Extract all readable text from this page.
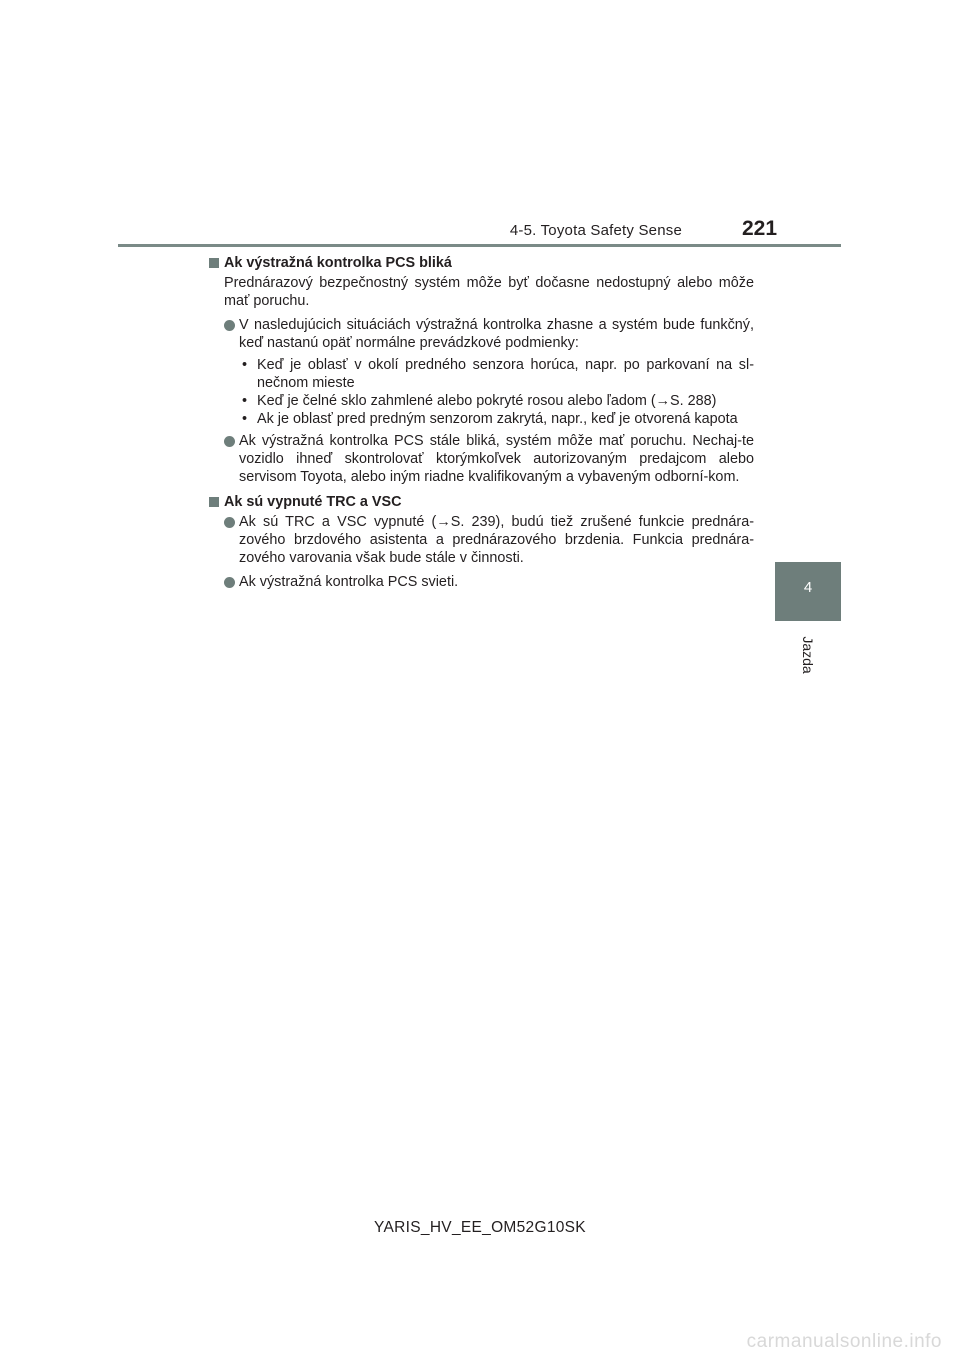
4-5. Toyota Safety Sense	221
4
Jazda
Ak výstražná kontrolka PCS bliká
Prednárazový bezpečnostný systém môže byť dočasne nedostupný alebo môže mať poruchu.
V nasledujúcich situáciách výstražná kontrolka zhasne a systém bude funkčný, keď nastanú opäť normálne prevádzkové podmienky:
• Keď je oblasť v okolí predného senzora horúca, napr. po parkovaní na sl-nečnom mieste
• Keď je čelné sklo zahmlené alebo pokryté rosou alebo ľadom (→S. 288)
• Ak je oblasť pred predným senzorom zakrytá, napr., keď je otvorená kapota
Ak výstražná kontrolka PCS stále bliká, systém môže mať poruchu. Nechaj-te vozidlo ihneď skontrolovať ktorýmkoľvek autorizovaným predajcom alebo servisom Toyota, alebo iným riadne kvalifikovaným a vybaveným odborní-kom.
Ak sú vypnuté TRC a VSC
Ak sú TRC a VSC vypnuté (→S. 239), budú tiež zrušené funkcie prednára-zového brzdového asistenta a prednárazového brzdenia. Funkcia prednára-zového varovania však bude stále v činnosti.
Ak výstražná kontrolka PCS svieti.
YARIS_HV_EE_OM52G10SK
carmanualsonline.info
